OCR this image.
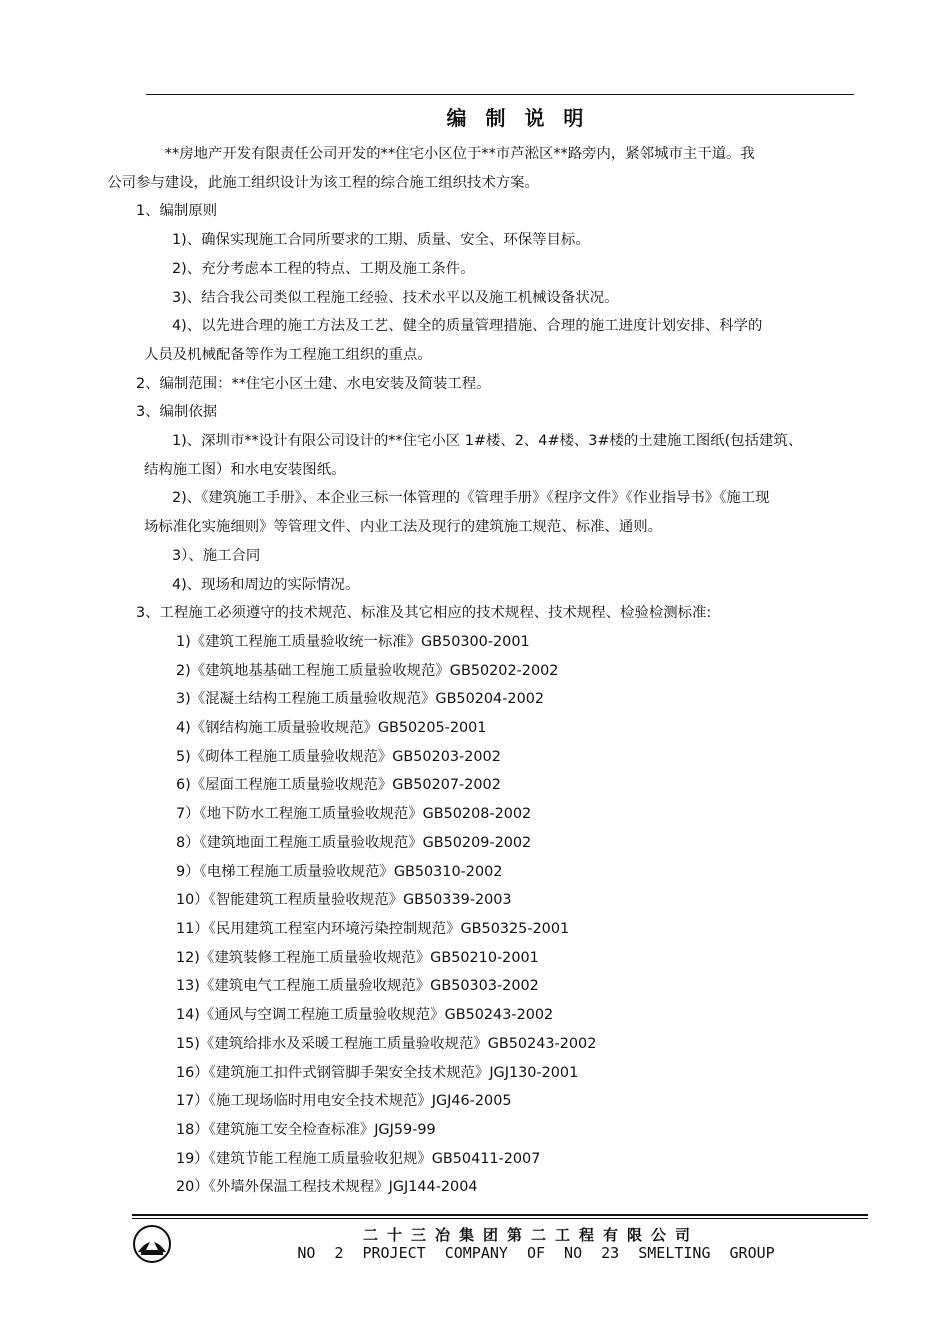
编 制 说 明

**房地产开发有限责任公司开发的**住宅小区位于**市芦淞区**路旁内，紧邻城市主干道。我
公司参与建设，此施工组织设计为该工程的综合施工组织技术方案。

1、编制原则

1)、确保实现施工合同所要求的工期、质量、安全、环保等目标。

2)、充分考虑本工程的特点、工期及施工条件。

3)、结合我公司类似工程施工经验、技术水平以及施工机械设备状况。

4)、以先进合理的施工方法及工艺、健全的质量管理措施、合理的施工进度计划安排、科学的
人员及机械配备等作为工程施工组织的重点。

2、编制范围：**住宅小区土建、水电安装及简装工程。

3、编制依据

1)、深圳市**设计有限公司设计的**住宅小区 1#楼、2、4#楼、3#楼的土建施工图纸(包括建筑、
结构施工图）和水电安装图纸。

2)、《建筑施工手册》、本企业三标一体管理的《管理手册》《程序文件》《作业指导书》《施工现
场标准化实施细则》等管理文件、内业工法及现行的建筑施工规范、标准、通则。

3）、施工合同

4)、现场和周边的实际情况。

3、工程施工必须遵守的技术规范、标准及其它相应的技术规程、技术规程、检验检测标准:

1)《建筑工程施工质量验收统一标准》GB50300-2001

2)《建筑地基基础工程施工质量验收规范》GB50202-2002

3)《混凝土结构工程施工质量验收规范》GB50204-2002

4)《钢结构施工质量验收规范》GB50205-2001

5)《砌体工程施工质量验收规范》GB50203-2002

6)《屋面工程施工质量验收规范》GB50207-2002

7）《地下防水工程施工质量验收规范》GB50208-2002

8）《建筑地面工程施工质量验收规范》GB50209-2002

9）《电梯工程施工质量验收规范》GB50310-2002

10）《智能建筑工程质量验收规范》GB50339-2003

11）《民用建筑工程室内环境污染控制规范》GB50325-2001

12)《建筑装修工程施工质量验收规范》GB50210-2001

13)《建筑电气工程施工质量验收规范》GB50303-2002

14)《通风与空调工程施工质量验收规范》GB50243-2002

15)《建筑给排水及采暖工程施工质量验收规范》GB50243-2002

16）《建筑施工扣件式钢管脚手架安全技术规范》JGJ130-2001

17）《施工现场临时用电安全技术规范》JGJ46-2005

18）《建筑施工安全检查标准》JGJ59-99

19）《建筑节能工程施工质量验收犯规》GB50411-2007

20）《外墙外保温工程技术规程》JGJ144-2004

二十三冶集团第二工程有限公司
NO 2 PROJECT COMPANY OF NO 23 SMELTING GROUP
